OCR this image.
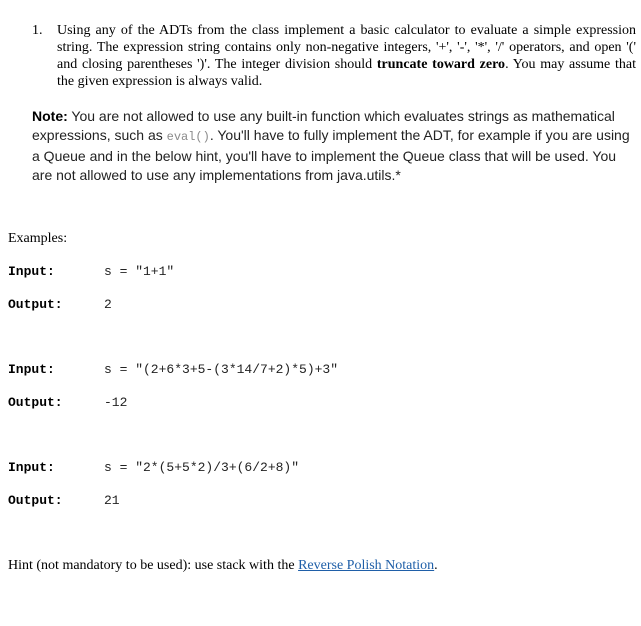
1. Using any of the ADTs from the class implement a basic calculator to evaluate a simple expression string. The expression string contains only non-negative integers, '+', '-', '*', '/' operators, and open '(' and closing parentheses ')'. The integer division should truncate toward zero. You may assume that the given expression is always valid.
Note: You are not allowed to use any built-in function which evaluates strings as mathematical expressions, such as eval(). You'll have to fully implement the ADT, for example if you are using a Queue and in the below hint, you'll have to implement the Queue class that will be used. You are not allowed to use any implementations from java.utils.*
Examples:
Input:	s = "1+1"
Output:	2
Input:	s = "(2+6*3+5-(3*14/7+2)*5)+3"
Output:	-12
Input:	s = "2*(5+5*2)/3+(6/2+8)"
Output:	21
Hint (not mandatory to be used): use stack with the Reverse Polish Notation.
